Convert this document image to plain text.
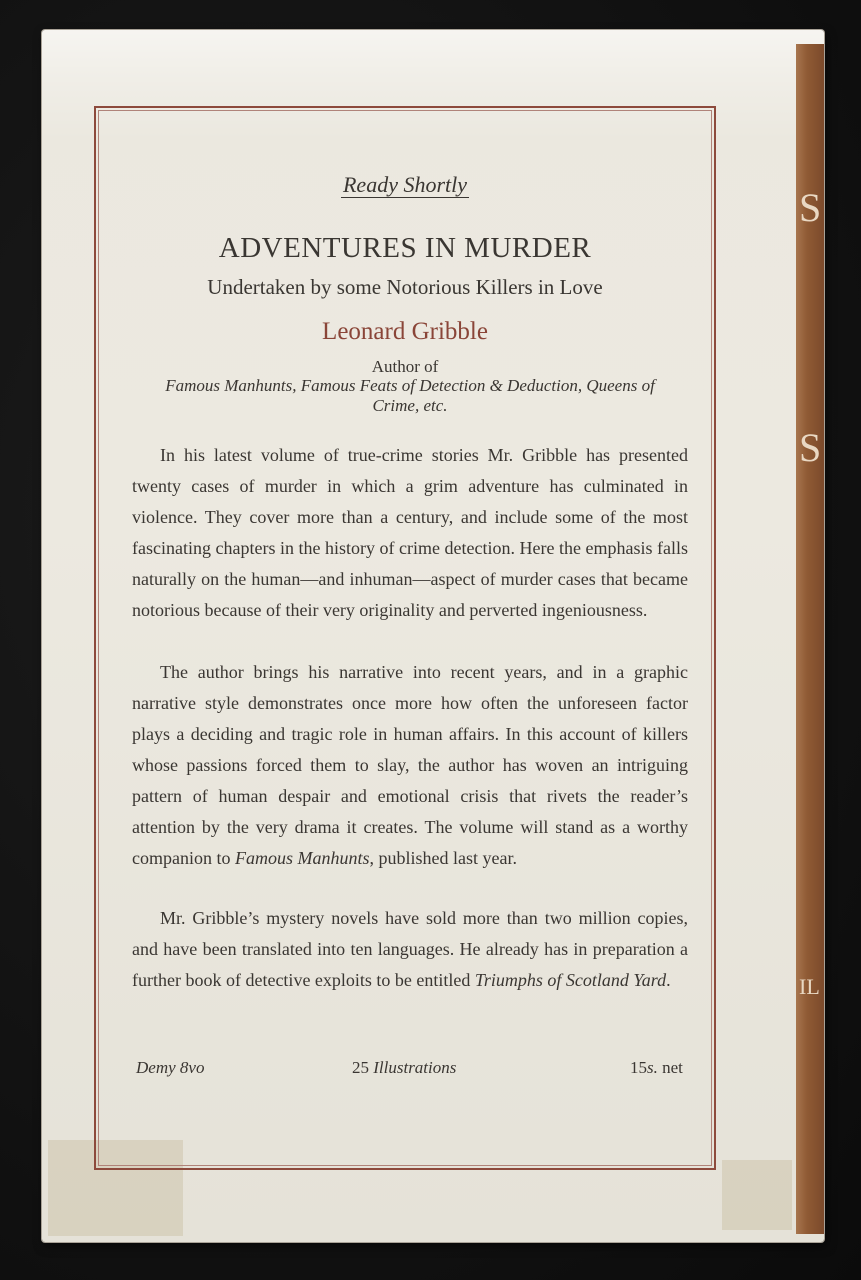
S
S
IL
Ready Shortly
ADVENTURES IN MURDER
Undertaken by some Notorious Killers in Love
Leonard Gribble
Author of
Famous Manhunts, Famous Feats of Detection & Deduction, Queens of
Crime, etc.

In his latest volume of true-crime stories Mr. Gribble has presented twenty cases of murder in which a grim adventure has culminated in violence. They cover more than a century, and include some of the most fascinating chapters in the history of crime detection. Here the emphasis falls naturally on the human—and inhuman—aspect of murder cases that became notorious because of their very originality and perverted ingeniousness.

The author brings his narrative into recent years, and in a graphic narrative style demonstrates once more how often the unforeseen factor plays a deciding and tragic role in human affairs. In this account of killers whose passions forced them to slay, the author has woven an intriguing pattern of human despair and emotional crisis that rivets the reader’s attention by the very drama it creates. The volume will stand as a worthy companion to Famous Manhunts, published last year.

Mr. Gribble’s mystery novels have sold more than two million copies, and have been translated into ten languages. He already has in preparation a further book of detective exploits to be entitled Triumphs of Scotland Yard.

Demy 8vo	25 Illustrations	15s. net
